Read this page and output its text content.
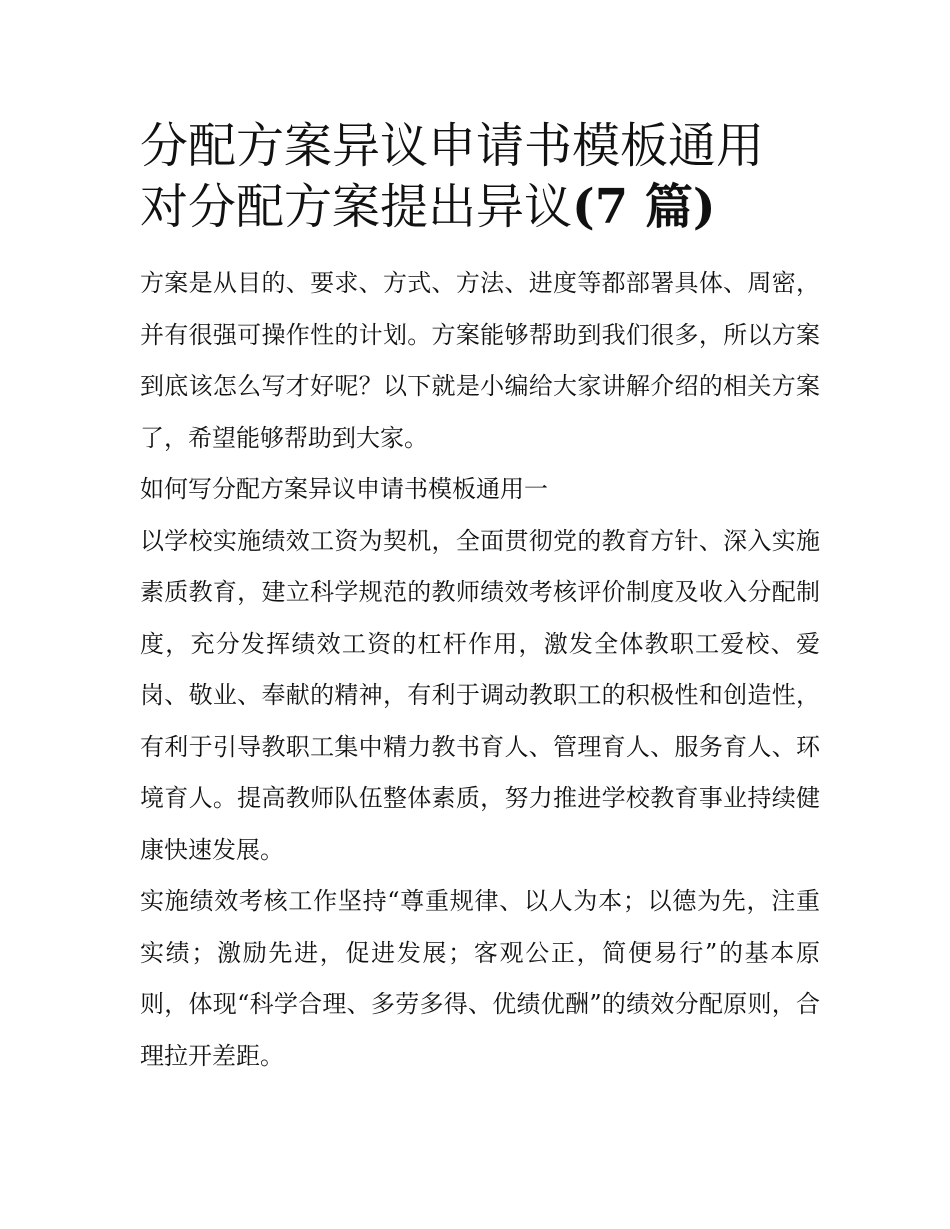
分配方案异议申请书模板通用
对分配方案提出异议(7 篇)

方案是从目的、要求、方式、方法、进度等都部署具体、周密，并有很强可操作性的计划。方案能够帮助到我们很多，所以方案到底该怎么写才好呢？以下就是小编给大家讲解介绍的相关方案了，希望能够帮助到大家。

如何写分配方案异议申请书模板通用一

以学校实施绩效工资为契机，全面贯彻党的教育方针、深入实施素质教育，建立科学规范的教师绩效考核评价制度及收入分配制度，充分发挥绩效工资的杠杆作用，激发全体教职工爱校、爱岗、敬业、奉献的精神，有利于调动教职工的积极性和创造性，有利于引导教职工集中精力教书育人、管理育人、服务育人、环境育人。提高教师队伍整体素质，努力推进学校教育事业持续健康快速发展。

实施绩效考核工作坚持“尊重规律、以人为本；以德为先，注重实绩；激励先进，促进发展；客观公正，简便易行”的基本原则，体现“科学合理、多劳多得、优绩优酬”的绩效分配原则，合理拉开差距。
